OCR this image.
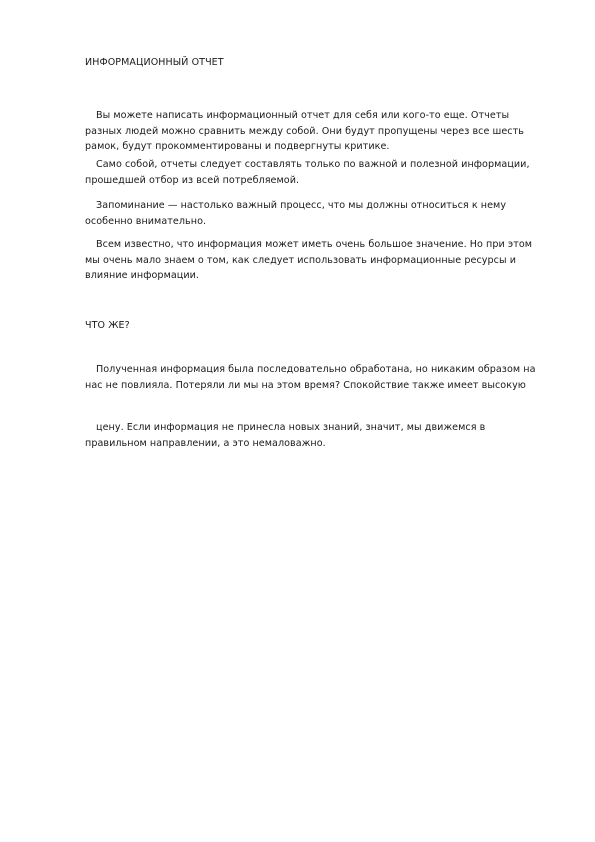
ИНФОРМАЦИОННЫЙ ОТЧЕТ

Вы можете написать информационный отчет для себя или кого-то еще. Отчеты разных людей можно сравнить между собой. Они будут пропущены через все шесть рамок, будут прокомментированы и подвергнуты критике.

Само собой, отчеты следует составлять только по важной и полезной информации, прошедшей отбор из всей потребляемой.

Запоминание — настолько важный процесс, что мы должны относиться к нему особенно внимательно.

Всем известно, что информация может иметь очень большое значение. Но при этом мы очень мало знаем о том, как следует использовать информационные ресурсы и влияние информации.

ЧТО ЖЕ?

Полученная информация была последовательно обработана, но никаким образом на нас не повлияла. Потеряли ли мы на этом время? Спокойствие также имеет высокую

цену. Если информация не принесла новых знаний, значит, мы движемся в правильном направлении, а это немаловажно.
